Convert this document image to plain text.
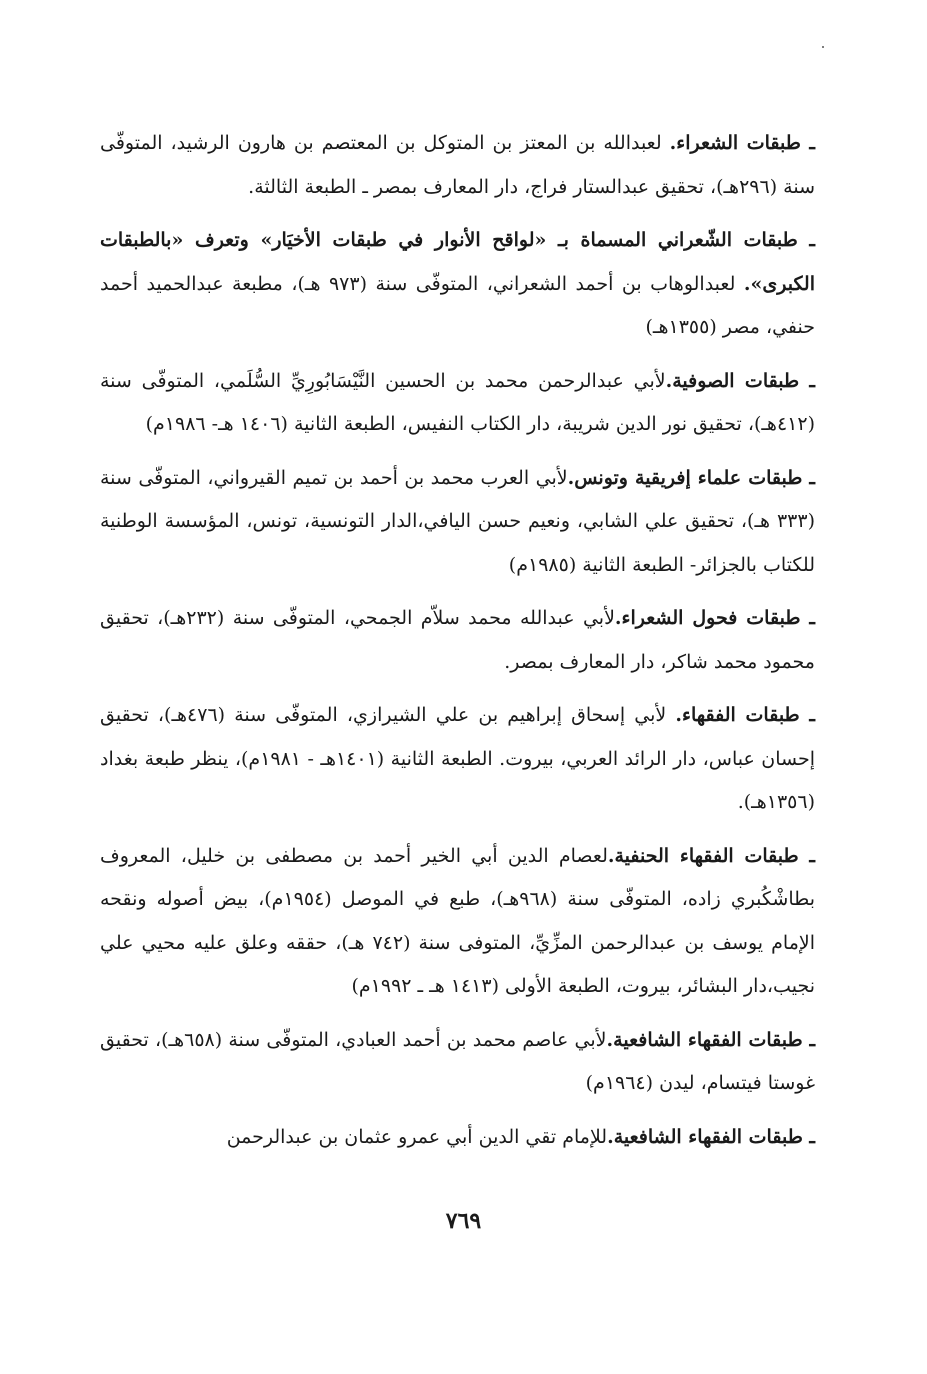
ـ طبقات الشعراء. لعبدالله بن المعتز بن المتوكل بن المعتصم بن هارون الرشيد، المتوفّى سنة (٢٩٦هـ)، تحقيق عبدالستار فراج، دار المعارف بمصر ـ الطبعة الثالثة.

ـ طبقات الشّعراني المسماة بـ «لواقح الأنوار في طبقات الأخيَار» وتعرف «بالطبقات الكبرى». لعبدالوهاب بن أحمد الشعراني، المتوفّى سنة (٩٧٣ هـ)، مطبعة عبدالحميد أحمد حنفي، مصر (١٣٥٥هـ)

ـ طبقات الصوفية.لأبي عبدالرحمن محمد بن الحسين النَّيْسَابُورِيِّ السُّلَمي، المتوفّى سنة (٤١٢هـ)، تحقيق نور الدين شريبة، دار الكتاب النفيس، الطبعة الثانية (١٤٠٦ هـ- ١٩٨٦م)

ـ طبقات علماء إفريقية وتونس.لأبي العرب محمد بن أحمد بن تميم القيرواني، المتوفّى سنة (٣٣٣ هـ)، تحقيق علي الشابي، ونعيم حسن اليافي،الدار التونسية، تونس، المؤسسة الوطنية للكتاب بالجزائر- الطبعة الثانية (١٩٨٥م)

ـ طبقات فحول الشعراء.لأبي عبدالله محمد سلاّم الجمحي، المتوفّى سنة (٢٣٢هـ)، تحقيق محمود محمد شاكر، دار المعارف بمصر.

ـ طبقات الفقهاء. لأبي إسحاق إبراهيم بن علي الشيرازي، المتوفّى سنة (٤٧٦هـ)، تحقيق إحسان عباس، دار الرائد العربي، بيروت. الطبعة الثانية (١٤٠١هـ - ١٩٨١م)، ينظر طبعة بغداد (١٣٥٦هـ).

ـ طبقات الفقهاء الحنفية.لعصام الدين أبي الخير أحمد بن مصطفى بن خليل، المعروف بطاشْكُبري زاده، المتوفّى سنة (٩٦٨هـ)، طبع في الموصل (١٩٥٤م)، بيض أصوله ونقحه الإمام يوسف بن عبدالرحمن المزِّيِّ، المتوفى سنة (٧٤٢ هـ)، حققه وعلق عليه محيي علي نجيب،دار البشائر، بيروت، الطبعة الأولى (١٤١٣ هـ ـ ١٩٩٢م)

ـ طبقات الفقهاء الشافعية.لأبي عاصم محمد بن أحمد العبادي، المتوفّى سنة (٦٥٨هـ)، تحقيق غوستا فيتسام، ليدن (١٩٦٤م)

ـ طبقات الفقهاء الشافعية.للإمام تقي الدين أبي عمرو عثمان بن عبدالرحمن

٧٦٩
